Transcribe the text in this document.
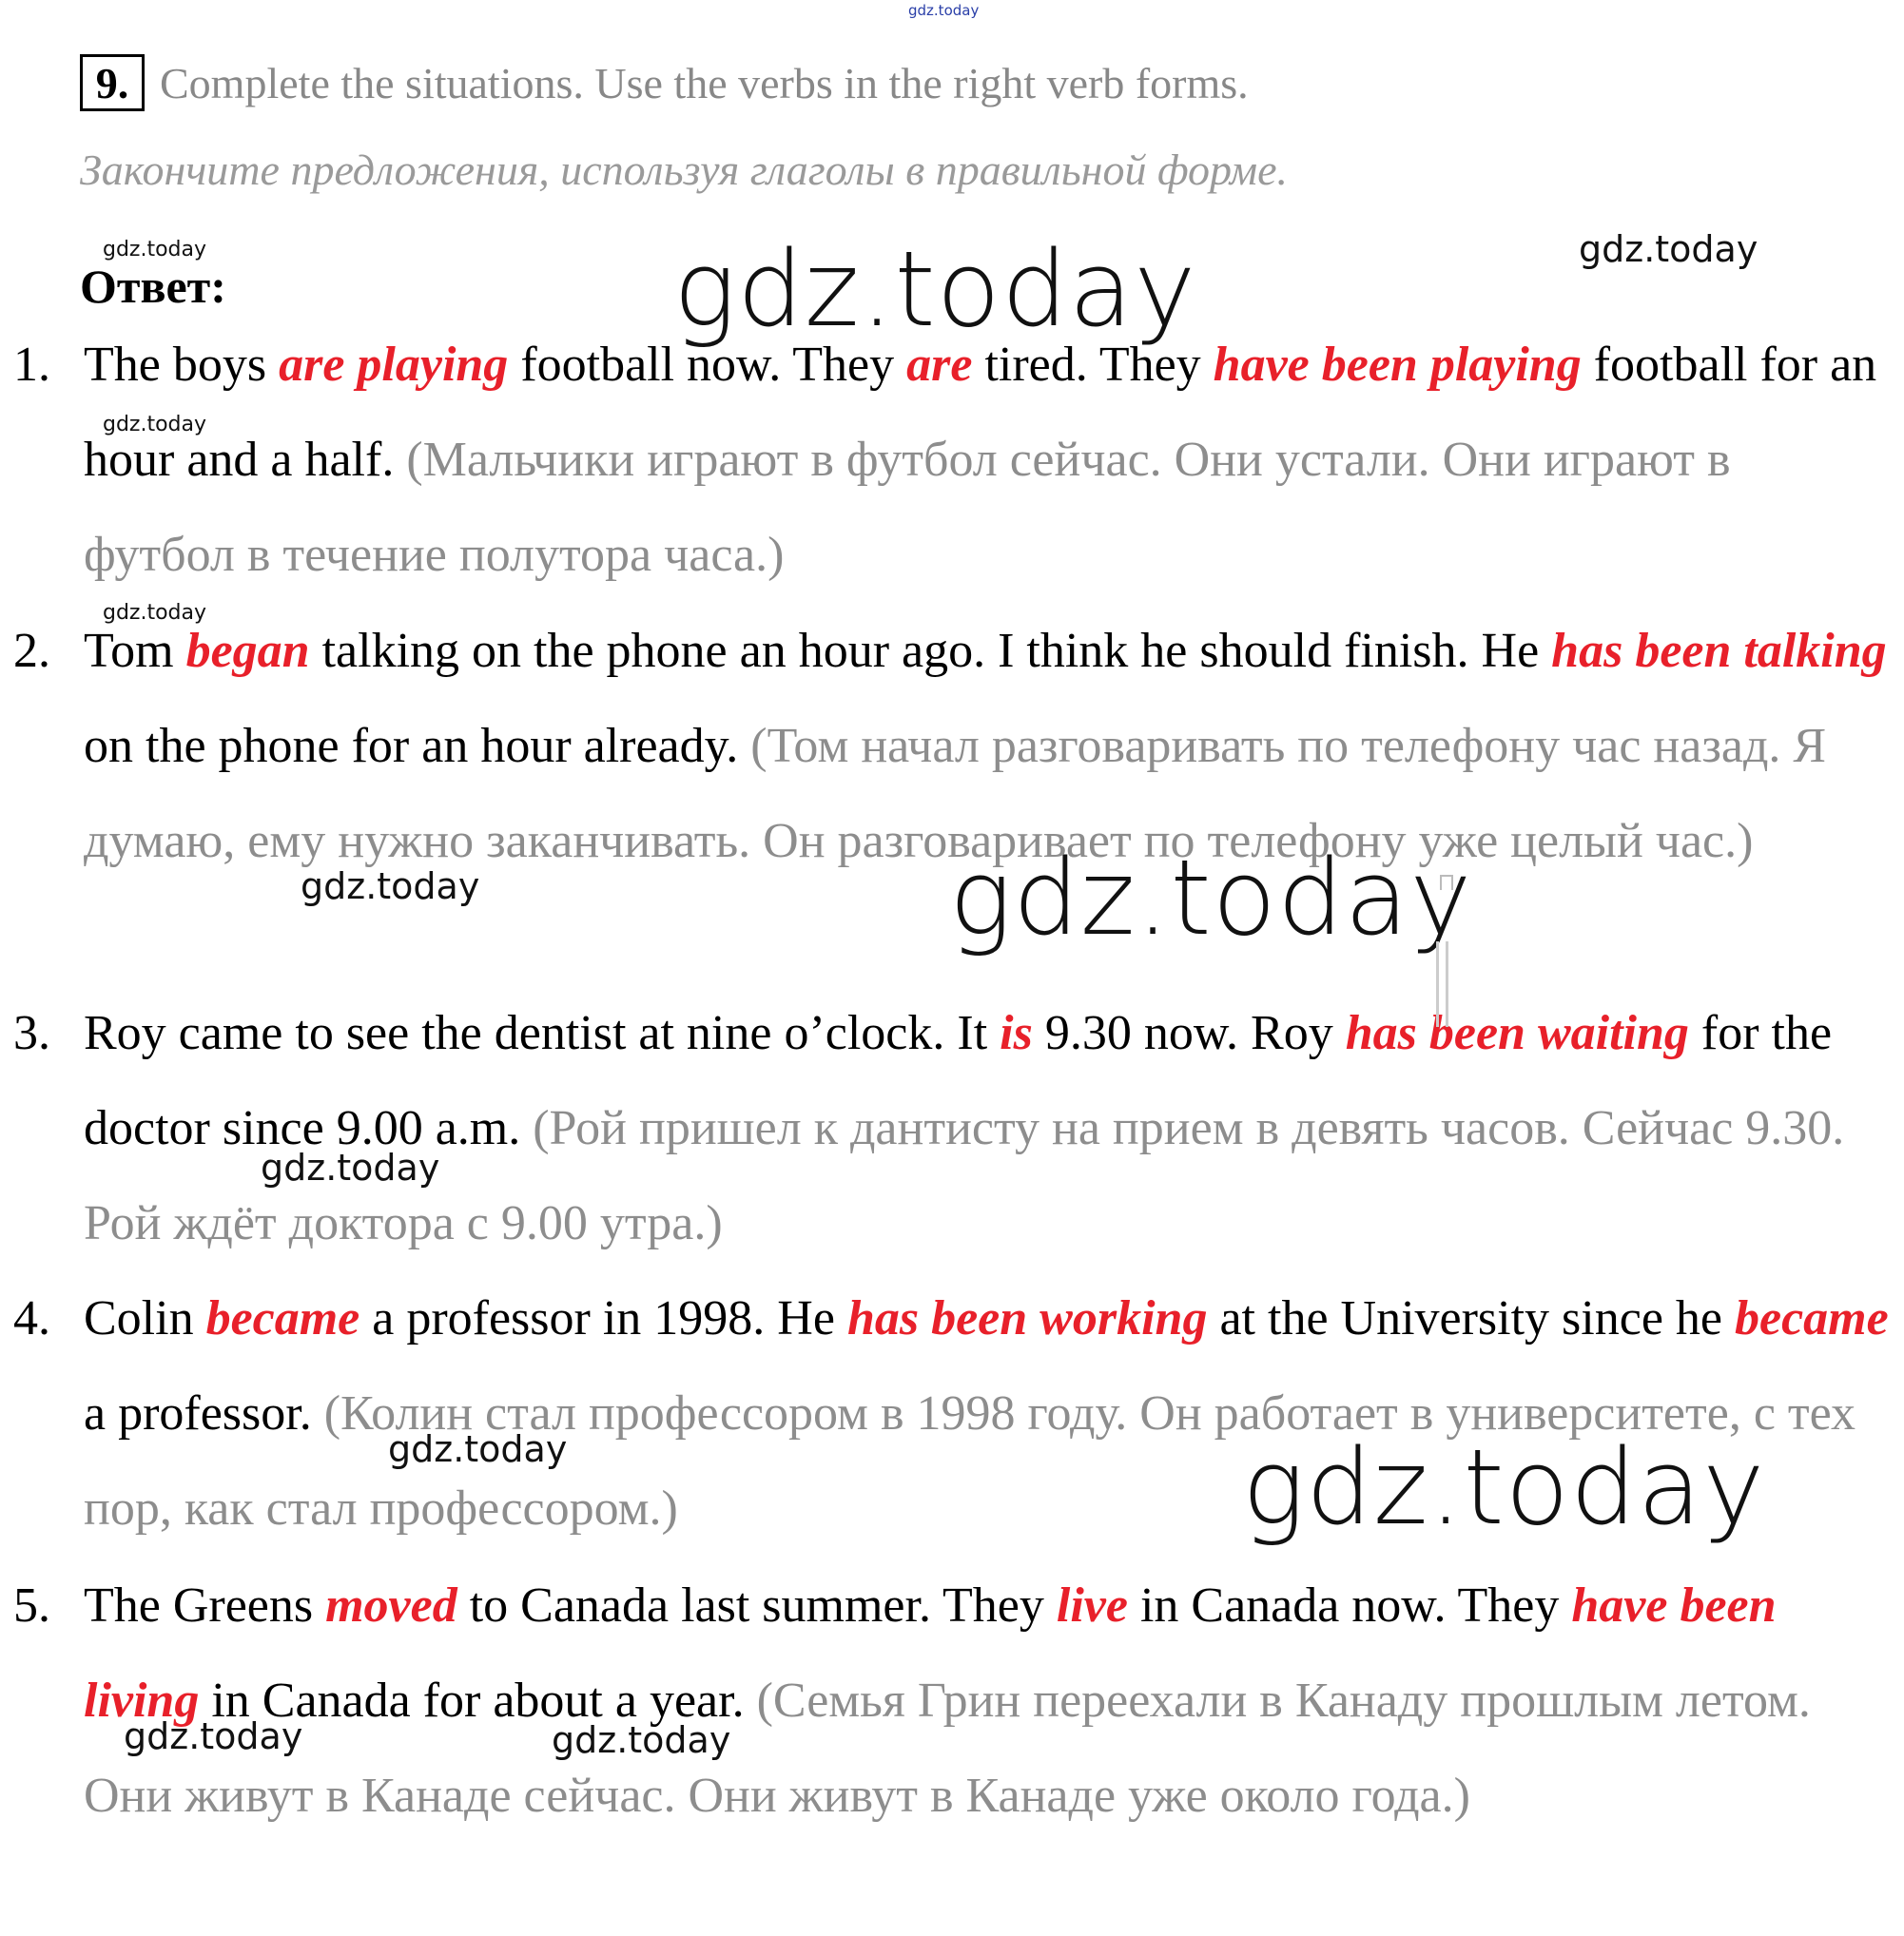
gdz.today
gdz.today	gdz.today
gdz.today
gdz.today
gdz.today
gdz.today	gdz.today
gdz.today
gdz.today	gdz.today
gdz.today	gdz.today
9. Complete the situations. Use the verbs in the right verb forms.
Закончите предложения, используя глаголы в правильной форме.
Ответ:
1. The boys are playing football now. They are tired. They have been playing football for an hour and a half. (Мальчики играют в футбол сейчас. Они устали. Они играют в футбол в течение полутора часа.)

2. Tom began talking on the phone an hour ago. I think he should finish. He has been talking on the phone for an hour already. (Том начал разговаривать по телефону час назад. Я думаю, ему нужно заканчивать. Он разговаривает по телефону уже целый час.)

3. Roy came to see the dentist at nine o’clock. It is 9.30 now. Roy has been waiting for the doctor since 9.00 a.m. (Рой пришел к дантисту на прием в девять часов. Сейчас 9.30. Рой ждёт доктора с 9.00 утра.)

4. Colin became a professor in 1998. He has been working at the University since he became a professor. (Колин стал профессором в 1998 году. Он работает в университете, с тех пор, как стал профессором.)

5. The Greens moved to Canada last summer. They live in Canada now. They have been living in Canada for about a year. (Семья Грин переехали в Канаду прошлым летом. Они живут в Канаде сейчас. Они живут в Канаде уже около года.)
